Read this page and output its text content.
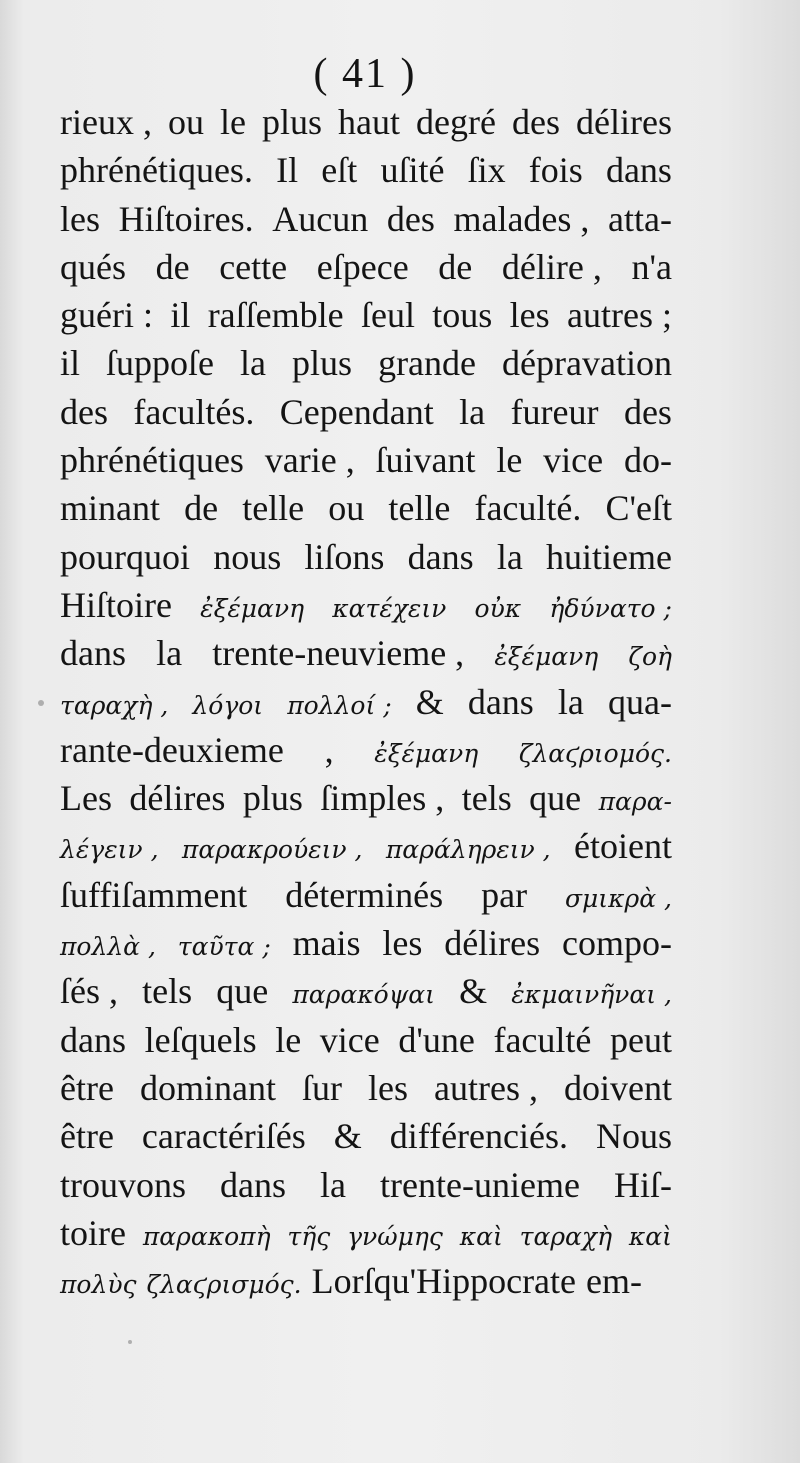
( 41 )
rieux , ou le plus haut degré des délires
phrénétiques. Il eſt uſité ſix fois dans
les Hiſtoires. Aucun des malades , atta-
qués de cette eſpece de délire , n'a
guéri : il raſſemble ſeul tous les autres ;
il ſuppoſe la plus grande dépravation
des facultés. Cependant la fureur des
phrénétiques varie , ſuivant le vice do-
minant de telle ou telle faculté. C'eſt
pourquoi nous liſons dans la huitieme
Hiſtoire ἐξέμανη κατέχειν οὐκ ἠδύνατο ;
dans la trente-neuvieme , ἐξέμανη ζοὴ
ταραχὴ , λόγοι πολλοί ; & dans la qua-
rante-deuxieme , ἐξέμανη ζλαϛριομός.
Les délires plus ſimples , tels que παρα-
λέγειν , παρακρούειν , παράληρειν , étoient
ſuffiſamment déterminés par σμικρὰ ,
πολλὰ , ταῦτα ; mais les délires compo-
ſés , tels que παρακόψαι & ἐκμαινῆναι ,
dans leſquels le vice d'une faculté peut
être dominant ſur les autres , doivent
être caractériſés & différenciés. Nous
trouvons dans la trente-unieme Hiſ-
toire παρακοπὴ τῆς γνώμης καὶ ταραχὴ καὶ
πολὺς ζλαϛρισμός. Lorſqu'Hippocrate em-
